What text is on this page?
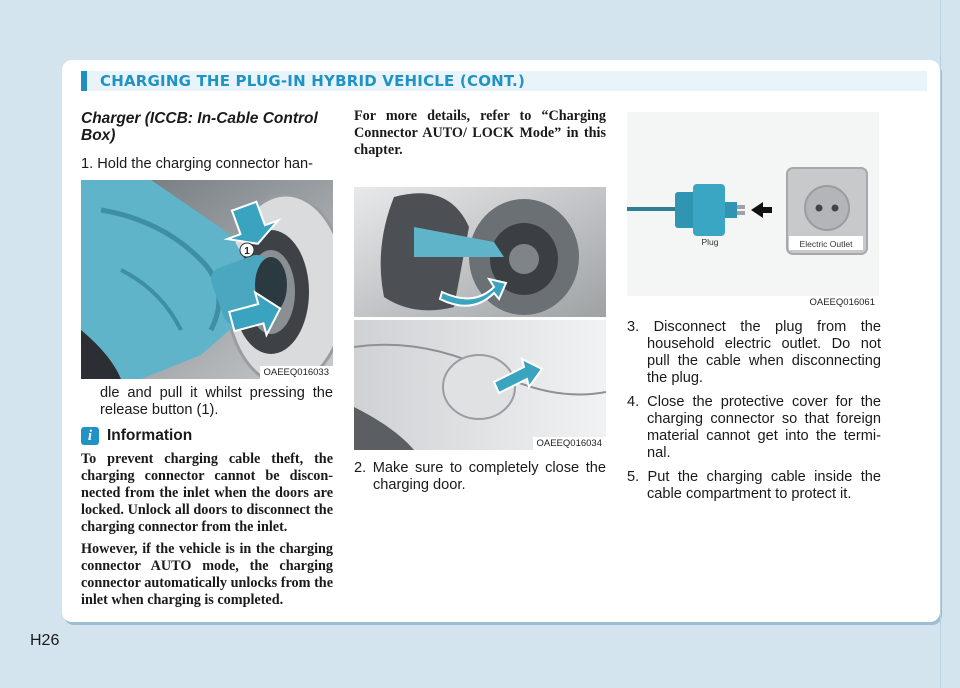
CHARGING THE PLUG-IN HYBRID VEHICLE (CONT.)

Charger (ICCB: In-Cable Control Box)

1. Hold the charging connector han-

1
OAEEQ016033

dle and pull it whilst pressing the release button (1).

i Information

To prevent charging cable theft, the charging connector cannot be discon-nected from the inlet when the doors are locked. Unlock all doors to disconnect the charging connector from the inlet.

However, if the vehicle is in the charging connector AUTO mode, the charging connector automatically unlocks from the inlet when charging is completed.

For more details, refer to “Charging Connector AUTO/ LOCK Mode” in this chapter.

OAEEQ016034

2. Make sure to completely close the charging door.

Electric Outlet
Plug
OAEEQ016061
3. Disconnect the plug from the household electric outlet. Do not pull the cable when disconnecting the plug.
4. Close the protective cover for the charging connector so that foreign material cannot get into the termi-nal.
5. Put the charging cable inside the cable compartment to protect it.
H26
